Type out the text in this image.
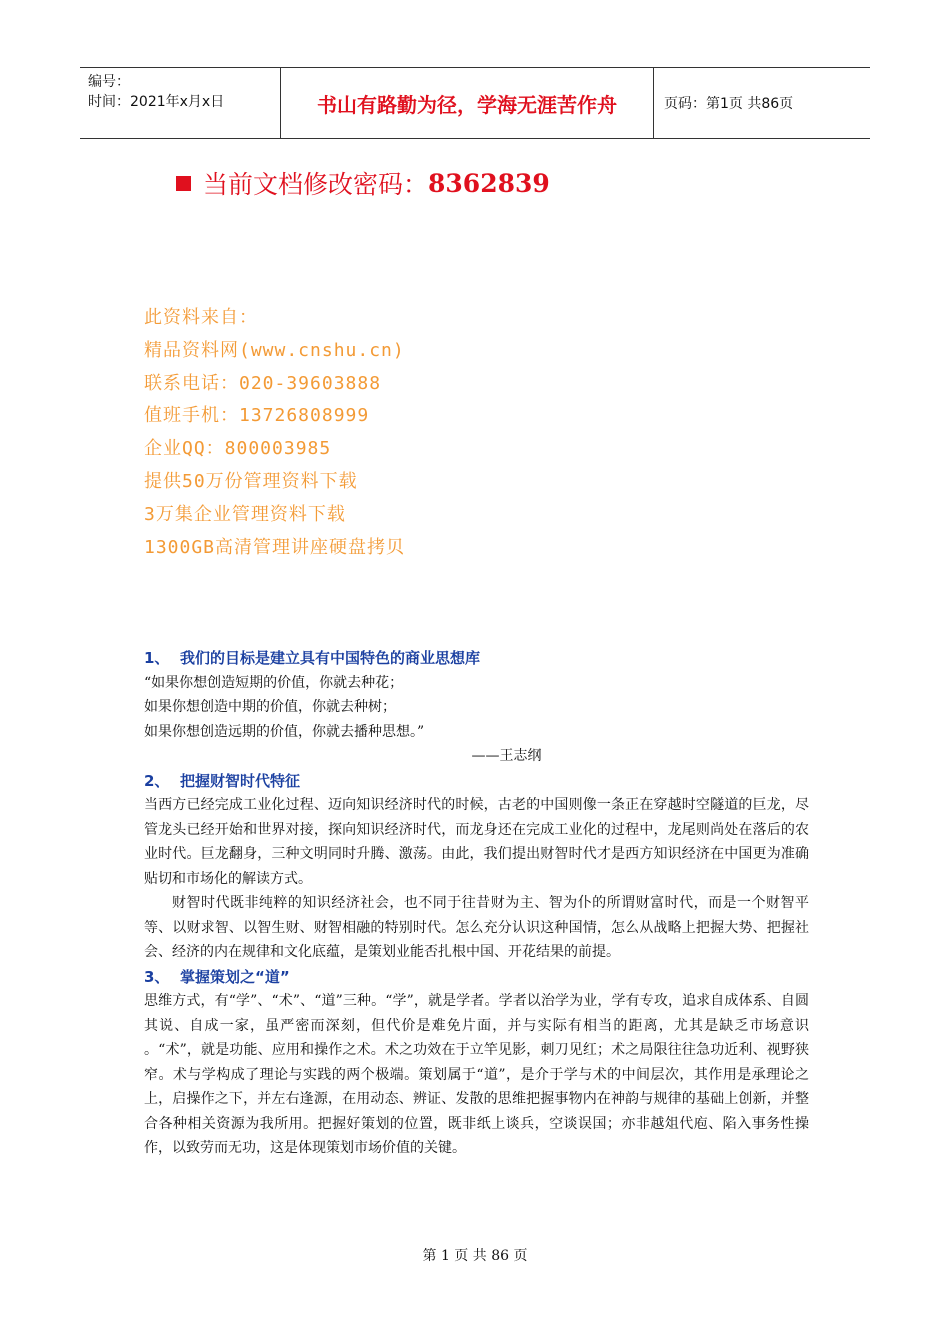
编号：
时间：2021年x月x日	书山有路勤为径，学海无涯苦作舟	页码：第1页 共86页
当前文档修改密码： 8362839
此资料来自：
精品资料网(www.cnshu.cn)
联系电话：020-39603888
值班手机：13726808999
企业QQ：800003985
提供50万份管理资料下载
3万集企业管理资料下载
1300GB高清管理讲座硬盘拷贝
1、 我们的目标是建立具有中国特色的商业思想库
“如果你想创造短期的价值，你就去种花；
如果你想创造中期的价值，你就去种树；
如果你想创造远期的价值，你就去播种思想。”
——王志纲
2、 把握财智时代特征
当西方已经完成工业化过程、迈向知识经济时代的时候，古老的中国则像一条正在穿越时空隧道的巨龙，尽管龙头已经开始和世界对接，探向知识经济时代，而龙身还在完成工业化的过程中，龙尾则尚处在落后的农业时代。巨龙翻身，三种文明同时升腾、激荡。由此，我们提出财智时代才是西方知识经济在中国更为准确贴切和市场化的解读方式。
财智时代既非纯粹的知识经济社会，也不同于往昔财为主、智为仆的所谓财富时代，而是一个财智平等、以财求智、以智生财、财智相融的特别时代。怎么充分认识这种国情，怎么从战略上把握大势、把握社会、经济的内在规律和文化底蕴，是策划业能否扎根中国、开花结果的前提。
3、 掌握策划之“道”
思维方式，有“学”、“术”、“道”三种。“学”，就是学者。学者以治学为业，学有专攻，追求自成体系、自圆其说、自成一家，虽严密而深刻，但代价是难免片面，并与实际有相当的距离，尤其是缺乏市场意识 。“术”，就是功能、应用和操作之术。术之功效在于立竿见影，刺刀见红；术之局限往往急功近利、视野狭窄。术与学构成了理论与实践的两个极端。策划属于“道”，是介于学与术的中间层次，其作用是承理论之上，启操作之下，并左右逢源，在用动态、辨证、发散的思维把握事物内在神韵与规律的基础上创新，并整合各种相关资源为我所用。把握好策划的位置，既非纸上谈兵，空谈误国；亦非越俎代庖、陷入事务性操作，以致劳而无功，这是体现策划市场价值的关键。
第 1 页 共 86 页
